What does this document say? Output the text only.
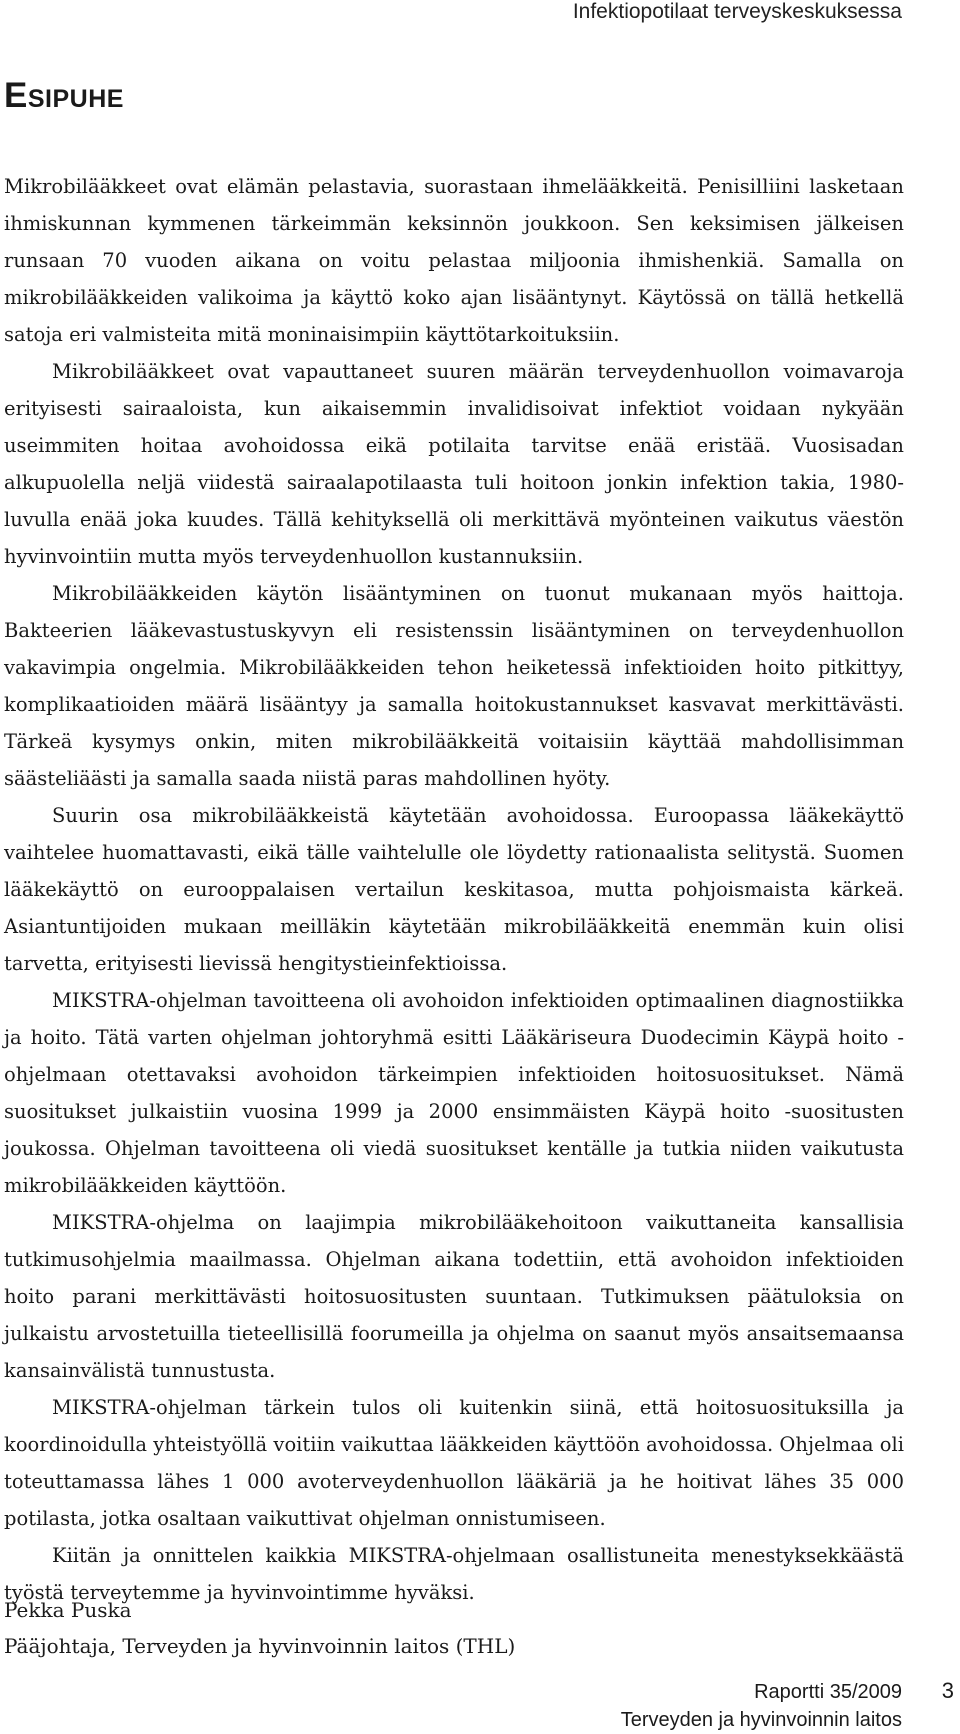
Infektiopotilaat terveyskeskuksessa
Esipuhe

Mikrobilääkkeet ovat elämän pelastavia, suorastaan ihmelääkkeitä. Penisilliini lasketaan ihmiskunnan kymmenen tärkeimmän keksinnön joukkoon. Sen keksimisen jälkeisen runsaan 70 vuoden aikana on voitu pelastaa miljoonia ihmishenkiä. Samalla on mikrobilääkkeiden valikoima ja käyttö koko ajan lisääntynyt. Käytössä on tällä hetkellä satoja eri valmisteita mitä moninaisimpiin käyttötarkoituksiin.

Mikrobilääkkeet ovat vapauttaneet suuren määrän terveydenhuollon voimavaroja erityisesti sairaaloista, kun aikaisemmin invalidisoivat infektiot voidaan nykyään useimmiten hoitaa avohoidossa eikä potilaita tarvitse enää eristää. Vuosisadan alkupuolella neljä viidestä sairaalapotilaasta tuli hoitoon jonkin infektion takia, 1980-luvulla enää joka kuudes. Tällä kehityksellä oli merkittävä myönteinen vaikutus väestön hyvinvointiin mutta myös terveydenhuollon kustannuksiin.

Mikrobilääkkeiden käytön lisääntyminen on tuonut mukanaan myös haittoja. Bakteerien lääkevastustuskyvyn eli resistenssin lisääntyminen on terveydenhuollon vakavimpia ongelmia. Mikrobilääkkeiden tehon heiketessä infektioiden hoito pitkittyy, komplikaatioiden määrä lisääntyy ja samalla hoitokustannukset kasvavat merkittävästi. Tärkeä kysymys onkin, miten mikrobilääkkeitä voitaisiin käyttää mahdollisimman säästeliäästi ja samalla saada niistä paras mahdollinen hyöty.

Suurin osa mikrobilääkkeistä käytetään avohoidossa. Euroopassa lääkekäyttö vaihtelee huomattavasti, eikä tälle vaihtelulle ole löydetty rationaalista selitystä. Suomen lääkekäyttö on eurooppalaisen vertailun keskitasoa, mutta pohjoismaista kärkeä. Asiantuntijoiden mukaan meilläkin käytetään mikrobilääkkeitä enemmän kuin olisi tarvetta, erityisesti lievissä hengitystieinfektioissa.

MIKSTRA-ohjelman tavoitteena oli avohoidon infektioiden optimaalinen diagnostiikka ja hoito. Tätä varten ohjelman johtoryhmä esitti Lääkäriseura Duodecimin Käypä hoito -ohjelmaan otettavaksi avohoidon tärkeimpien infektioiden hoitosuositukset. Nämä suositukset julkaistiin vuosina 1999 ja 2000 ensimmäisten Käypä hoito -suositusten joukossa. Ohjelman tavoitteena oli viedä suositukset kentälle ja tutkia niiden vaikutusta mikrobilääkkeiden käyttöön.

MIKSTRA-ohjelma on laajimpia mikrobilääkehoitoon vaikuttaneita kansallisia tutkimusohjelmia maailmassa. Ohjelman aikana todettiin, että avohoidon infektioiden hoito parani merkittävästi hoitosuositusten suuntaan. Tutkimuksen päätuloksia on julkaistu arvostetuilla tieteellisillä foorumeilla ja ohjelma on saanut myös ansaitsemaansa kansainvälistä tunnustusta.

MIKSTRA-ohjelman tärkein tulos oli kuitenkin siinä, että hoitosuosituksilla ja koordinoidulla yhteistyöllä voitiin vaikuttaa lääkkeiden käyttöön avohoidossa. Ohjelmaa oli toteuttamassa lähes 1 000 avoterveydenhuollon lääkäriä ja he hoitivat lähes 35 000 potilasta, jotka osaltaan vaikuttivat ohjelman onnistumiseen.

Kiitän ja onnittelen kaikkia MIKSTRA-ohjelmaan osallistuneita menestyksekkäästä työstä terveytemme ja hyvinvointimme hyväksi.

Pekka Puska
Pääjohtaja, Terveyden ja hyvinvoinnin laitos (THL)
Raportti 35/2009
Terveyden ja hyvinvoinnin laitos
3
